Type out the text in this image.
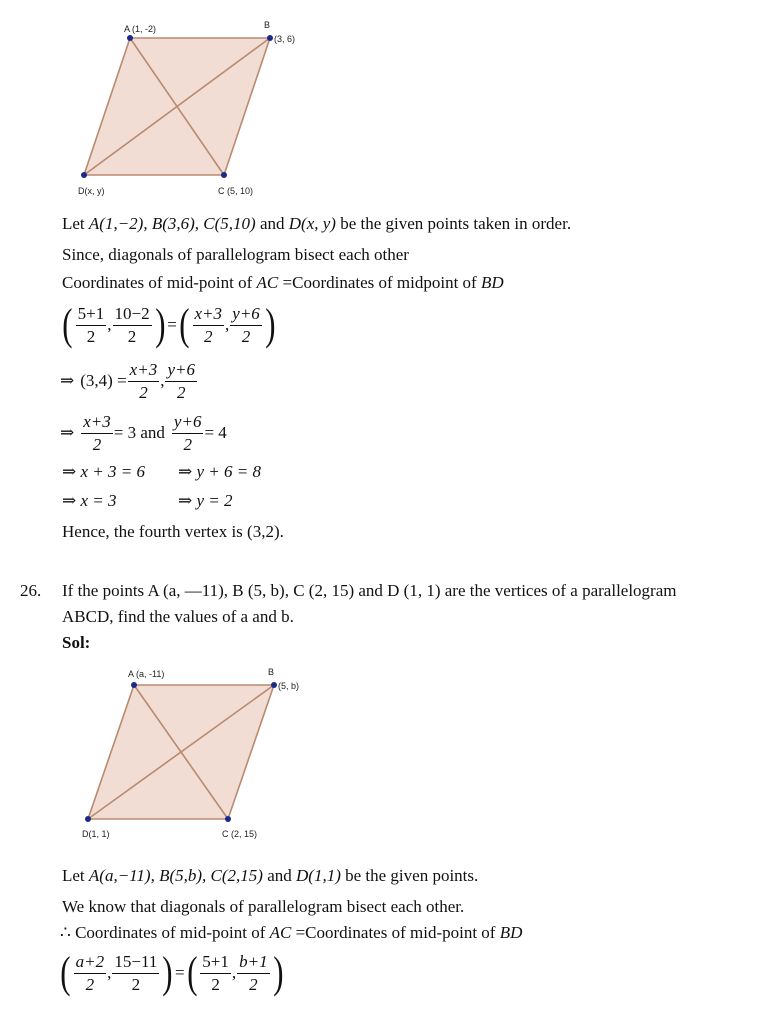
A (1, -2)	B
(3, 6)
C (5, 10)
D(x, y)
Let A(1,−2), B(3,6), C(5,10) and D(x, y) be the given points taken in order.
Since, diagonals of parallelogram bisect each other
Coordinates of mid-point of AC =Coordinates of midpoint of BD
( $\frac{5+1}{2}$ , $\frac{10-2}{2}$ ) = ( $\frac{x+3}{2}$ , $\frac{y+6}{2}$ )
⇒ $(3,4) = \frac{x+3}{2}$ , $\frac{y+6}{2}$
⇒ $\frac{x+3}{2} = 3$ and $\frac{y+6}{2} = 4$
⇒ x + 3 = 6 ⇒ y + 6 = 8
⇒ x = 3	⇒ y = 2
Hence, the fourth vertex is (3,2).
26. If the points A (a, —11), B (5, b), C (2, 15) and D (1, 1) are the vertices of a parallelogram
ABCD, find the values of a and b.
Sol:
A (a, -11)	B
(5, b)
C (2, 15)
D(1, 1)
Let A(a,−11), B(5,b), C(2,15) and D(1,1) be the given points.
We know that diagonals of parallelogram bisect each other.
∴ Coordinates of mid-point of AC =Coordinates of mid-point of BD
( $\frac{a+2}{2}$ , $\frac{15-11}{2}$ ) = ( $\frac{5+1}{2}$ , $\frac{b+1}{2}$ )
